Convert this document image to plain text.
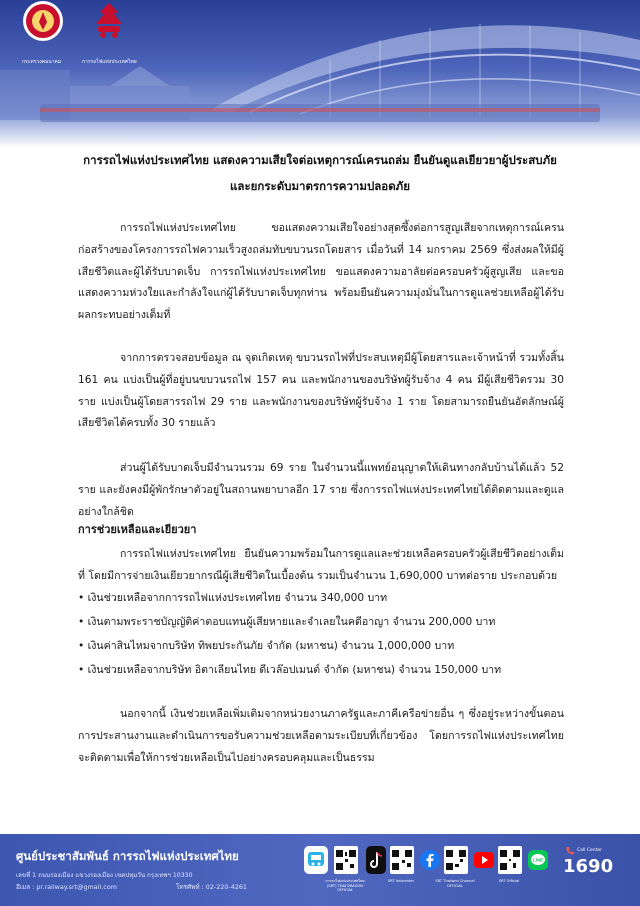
กระทรวงคมนาคม	การรถไฟแห่งประเทศไทย
การรถไฟแห่งประเทศไทย แสดงความเสียใจต่อเหตุการณ์เครนถล่ม ยืนยันดูแลเยียวยาผู้ประสบภัย
และยกระดับมาตรการความปลอดภัย

การรถไฟแห่งประเทศไทย ขอแสดงความเสียใจอย่างสุดซึ้งต่อการสูญเสียจากเหตุการณ์เครนก่อสร้างของโครงการรถไฟความเร็วสูงถล่มทับขบวนรถโดยสาร เมื่อวันที่ 14 มกราคม 2569 ซึ่งส่งผลให้มีผู้เสียชีวิตและผู้ได้รับบาดเจ็บ การรถไฟแห่งประเทศไทย ขอแสดงความอาลัยต่อครอบครัวผู้สูญเสีย และขอแสดงความห่วงใยและกำลังใจแก่ผู้ได้รับบาดเจ็บทุกท่าน พร้อมยืนยันความมุ่งมั่นในการดูแลช่วยเหลือผู้ได้รับผลกระทบอย่างเต็มที่

จากการตรวจสอบข้อมูล ณ จุดเกิดเหตุ ขบวนรถไฟที่ประสบเหตุมีผู้โดยสารและเจ้าหน้าที่ รวมทั้งสิ้น 161 คน แบ่งเป็นผู้ที่อยู่บนขบวนรถไฟ 157 คน และพนักงานของบริษัทผู้รับจ้าง 4 คน มีผู้เสียชีวิตรวม 30 ราย แบ่งเป็นผู้โดยสารรถไฟ 29 ราย และพนักงานของบริษัทผู้รับจ้าง 1 ราย โดยสามารถยืนยันอัตลักษณ์ผู้เสียชีวิตได้ครบทั้ง 30 รายแล้ว

ส่วนผู้ได้รับบาดเจ็บมีจำนวนรวม 69 ราย ในจำนวนนี้แพทย์อนุญาตให้เดินทางกลับบ้านได้แล้ว 52 ราย และยังคงมีผู้พักรักษาตัวอยู่ในสถานพยาบาลอีก 17 ราย ซึ่งการรถไฟแห่งประเทศไทยได้ติดตามและดูแลอย่างใกล้ชิด

การช่วยเหลือและเยียวยา

การรถไฟแห่งประเทศไทย ยืนยันความพร้อมในการดูแลและช่วยเหลือครอบครัวผู้เสียชีวิตอย่างเต็มที่ โดยมีการจ่ายเงินเยียวยากรณีผู้เสียชีวิตในเบื้องต้น รวมเป็นจำนวน 1,690,000 บาทต่อราย ประกอบด้วย

• เงินช่วยเหลือจากการรถไฟแห่งประเทศไทย จำนวน 340,000 บาท
• เงินตามพระราชบัญญัติค่าตอบแทนผู้เสียหายและจำเลยในคดีอาญา จำนวน 200,000 บาท
• เงินค่าสินไหมจากบริษัท ทิพยประกันภัย จำกัด (มหาชน) จำนวน 1,000,000 บาท
• เงินช่วยเหลือจากบริษัท อิตาเลียนไทย ดีเวล๊อปเมนต์ จำกัด (มหาชน) จำนวน 150,000 บาท

นอกจากนี้ เงินช่วยเหลือเพิ่มเติมจากหน่วยงานภาครัฐและภาคีเครือข่ายอื่น ๆ ซึ่งอยู่ระหว่างขั้นตอนการประสานงานและดำเนินการขอรับความช่วยเหลือตามระเบียบที่เกี่ยวข้อง โดยการรถไฟแห่งประเทศไทยจะติดตามเพื่อให้การช่วยเหลือเป็นไปอย่างครอบคลุมและเป็นธรรม

ศูนย์ประชาสัมพันธ์ การรถไฟแห่งประเทศไทย
เลขที่ 1 ถนนรองเมือง แขวงรองเมือง เขตปทุมวัน กรุงเทพฯ 10330
อีเมล : pr.railway.srt@gmail.com	โทรศัพท์ : 02-220-4261
LINE
การรถไฟแห่งประเทศไทย (SRT) THAI DRAGON OFFICIAL
SRT Infocenter	SRT Thailand Channel OFFICIAL
SRT Official
Call Center
1690
